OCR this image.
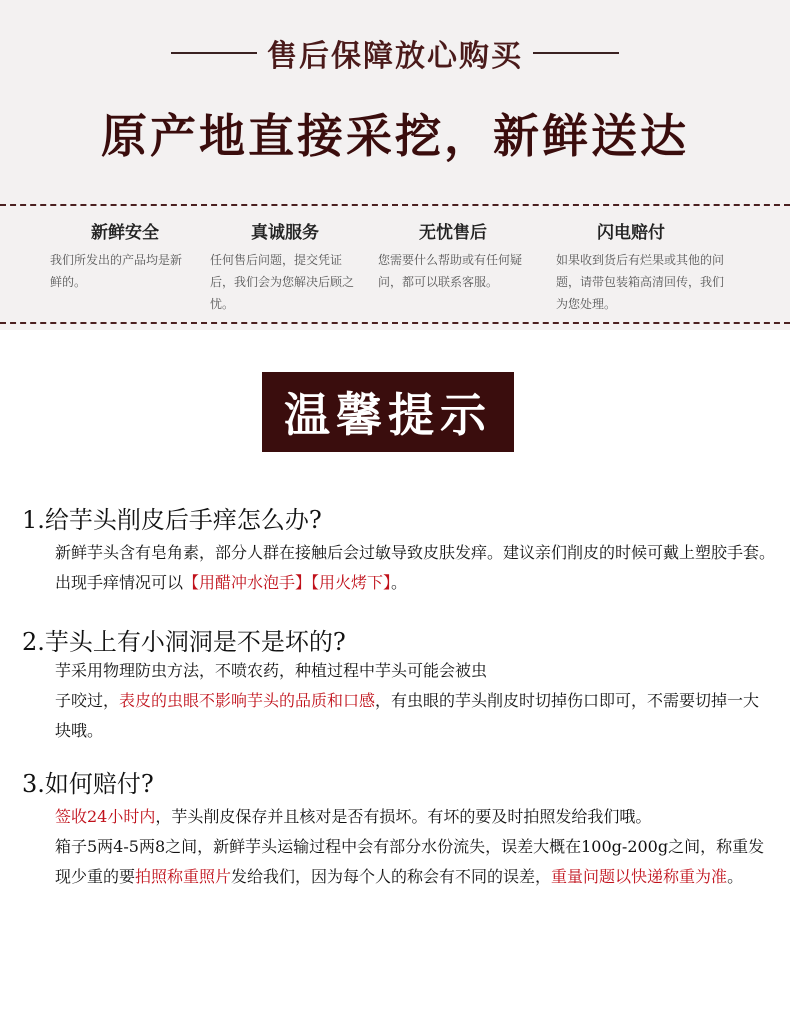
售后保障放心购买
原产地直接采挖，新鲜送达
新鲜安全
我们所发出的产品均是新鲜的。
真诚服务
任何售后问题，提交凭证后，我们会为您解决后顾之忧。
无忧售后
您需要什么帮助或有任何疑问，都可以联系客服。
闪电赔付
如果收到货后有烂果或其他的问题，请带包装箱高清回传，我们为您处理。
温馨提示
1.给芋头削皮后手痒怎么办?

新鲜芋头含有皂角素，部分人群在接触后会过敏导致皮肤发痒。建议亲们削皮的时候可戴上塑胶手套。出现手痒情况可以【用醋冲水泡手】【用火烤下】。

2.芋头上有小洞洞是不是坏的?

芋采用物理防虫方法，不喷农药，种植过程中芋头可能会被虫

子咬过，表皮的虫眼不影响芋头的品质和口感，有虫眼的芋头削皮时切掉伤口即可，不需要切掉一大块哦。

3.如何赔付?

签收24小时内，芋头削皮保存并且核对是否有损坏。有坏的要及时拍照发给我们哦。

箱子5两4-5两8之间，新鲜芋头运输过程中会有部分水份流失，误差大概在100g-200g之间，称重发现少重的要拍照称重照片发给我们，因为每个人的称会有不同的误差，重量问题以快递称重为准。
